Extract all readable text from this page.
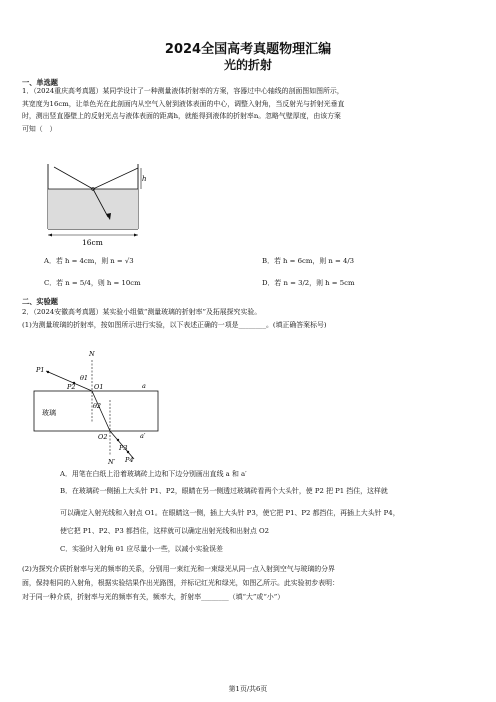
2024全国高考真题物理汇编
光的折射
一、单选题
1．（2024重庆高考真题）某同学设计了一种测量液体折射率的方案，容器过中心轴线的剖面图如图所示，
其宽度为16cm，让单色光在此剖面内从空气入射到液体表面的中心，调整入射角，当反射光与折射光垂直
时，测出竖直器壁上的反射光点与液体表面的距离h，就能得到液体的折射率n。忽略气壁厚度，由该方案
可知（　）
h
16cm
A．若 h = 4cm，则 n = √3	B．若 h = 6cm，则 n = 4/3
C．若 n = 5/4，则 h = 10cm	D．若 n = 3/2，则 h = 5cm
二、实验题
2．（2024安徽高考真题）某实验小组做“测量玻璃的折射率”及拓展探究实验。
(1)为测量玻璃的折射率，按如图所示进行实验，以下表述正确的一项是________。(填正确答案标号)
玻璃
N
N′
P1
P2
P3
P4
θ1
θ2
O1
O2
a
a′
A．用笔在白纸上沿着玻璃砖上边和下边分别画出直线 a 和 a′
B．在玻璃砖一侧插上大头针 P1、P2，眼睛在另一侧透过玻璃砖看两个大头针，使 P2 把 P1 挡住，这样就
可以确定入射光线和入射点 O1。在眼睛这一侧，插上大头针 P3，使它把 P1、P2 都挡住，再插上大头针 P4，
使它把 P1、P2、P3 都挡住，这样就可以确定出射光线和出射点 O2
C．实验时入射角 θ1 应尽量小一些，以减小实验误差
(2)为探究介质折射率与光的频率的关系，分别用一束红光和一束绿光从同一点入射到空气与玻璃的分界
面，保持相同的入射角，根据实验结果作出光路图，并标记红光和绿光，如图乙所示。此实验初步表明：
对于同一种介质，折射率与光的频率有关，频率大，折射率________（填“大”或“小”）
第1页/共6页
